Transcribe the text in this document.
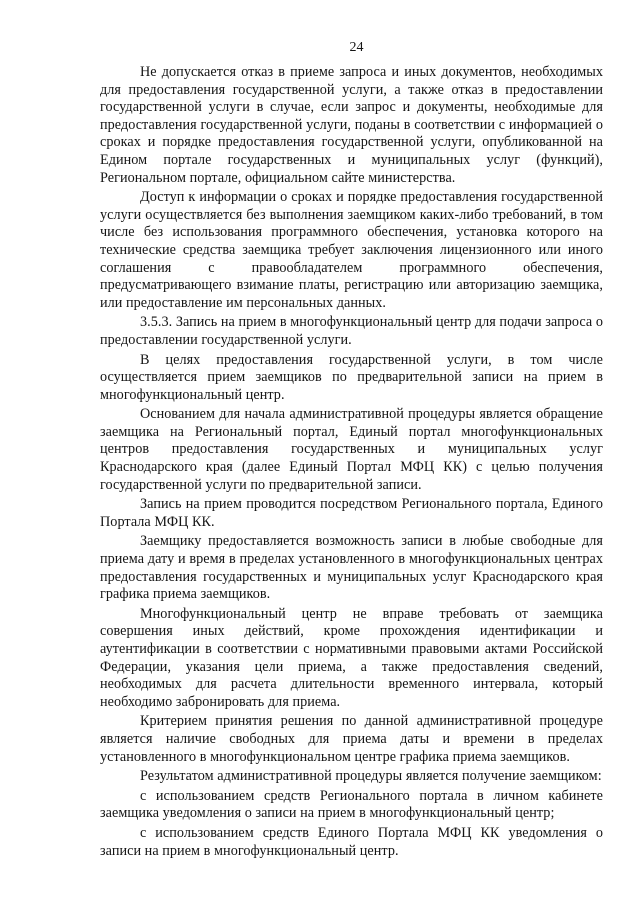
24

Не допускается отказ в приеме запроса и иных документов, необходимых для предоставления государственной услуги, а также отказ в предоставлении государственной услуги в случае, если запрос и документы, необходимые для предоставления государственной услуги, поданы в соответствии с информацией о сроках и порядке предоставления государственной услуги, опубликованной на Едином портале государственных и муниципальных услуг (функций), Региональном портале, официальном сайте министерства.

Доступ к информации о сроках и порядке предоставления государственной услуги осуществляется без выполнения заемщиком каких-либо требований, в том числе без использования программного обеспечения, установка которого на технические средства заемщика требует заключения лицензионного или иного соглашения с правообладателем программного обеспечения, предусматривающего взимание платы, регистрацию или авторизацию заемщика, или предоставление им персональных данных.

3.5.3. Запись на прием в многофункциональный центр для подачи запроса о предоставлении государственной услуги.

В целях предоставления государственной услуги, в том числе осуществляется прием заемщиков по предварительной записи на прием в многофункциональный центр.

Основанием для начала административной процедуры является обращение заемщика на Региональный портал, Единый портал многофункциональных центров предоставления государственных и муниципальных услуг Краснодарского края (далее Единый Портал МФЦ КК) с целью получения государственной услуги по предварительной записи.

Запись на прием проводится посредством Регионального портала, Единого Портала МФЦ КК.

Заемщику предоставляется возможность записи в любые свободные для приема дату и время в пределах установленного в многофункциональных центрах предоставления государственных и муниципальных услуг Краснодарского края графика приема заемщиков.

Многофункциональный центр не вправе требовать от заемщика совершения иных действий, кроме прохождения идентификации и аутентификации в соответствии с нормативными правовыми актами Российской Федерации, указания цели приема, а также предоставления сведений, необходимых для расчета длительности временного интервала, который необходимо забронировать для приема.

Критерием принятия решения по данной административной процедуре является наличие свободных для приема даты и времени в пределах установленного в многофункциональном центре графика приема заемщиков.

Результатом административной процедуры является получение заемщиком:

с использованием средств Регионального портала в личном кабинете заемщика уведомления о записи на прием в многофункциональный центр;

с использованием средств Единого Портала МФЦ КК уведомления о записи на прием в многофункциональный центр.
